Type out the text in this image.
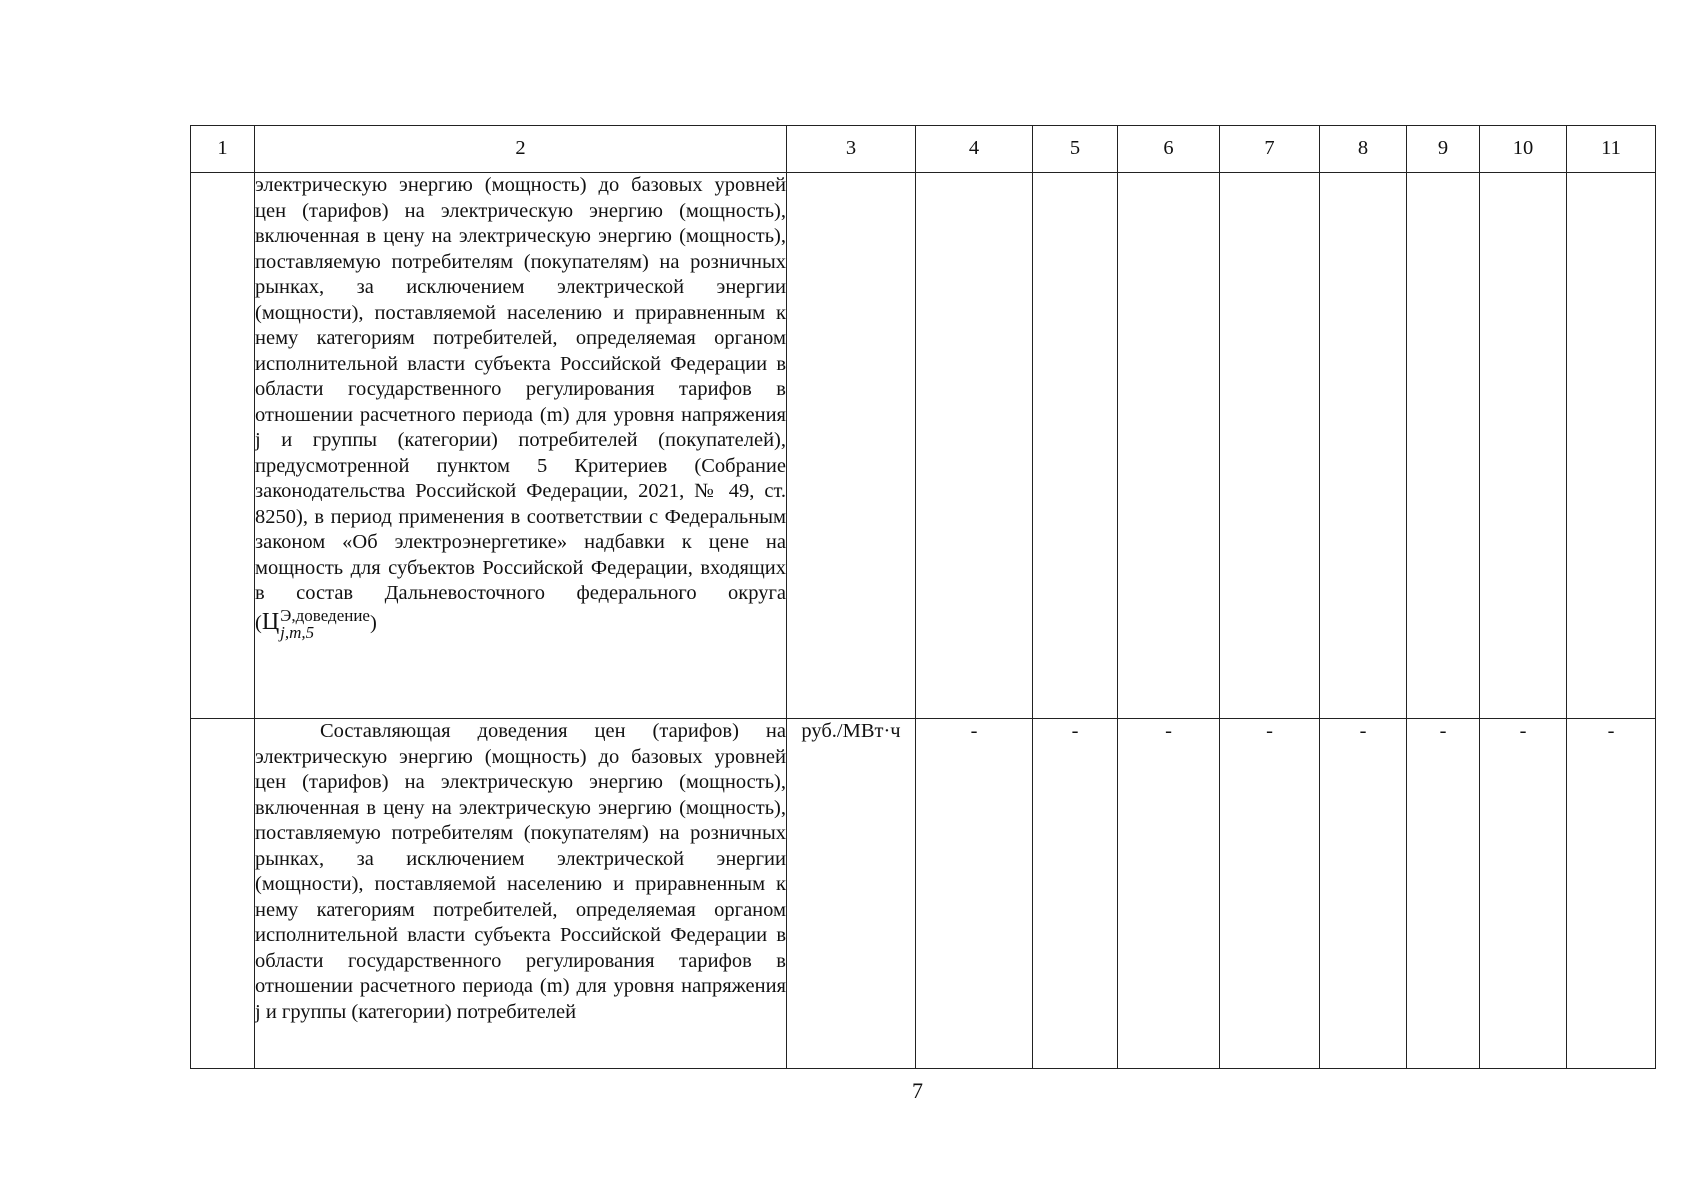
1	2	3	4	5	6	7	8	9	10	11

	электрическую энергию (мощность) до базовых уровней цен (тарифов) на электрическую энергию (мощность), включенная в цену на электрическую энергию (мощность), поставляемую потребителям (покупателям) на розничных рынках, за исключением электрической энергии (мощности), поставляемой населению и приравненным к нему категориям потребителей, определяемая органом исполнительной власти субъекта Российской Федерации в области государственного регулирования тарифов в отношении расчетного периода (m) для уровня напряжения j и группы (категории) потребителей (покупателей), предусмотренной пунктом 5 Критериев (Собрание законодательства Российской Федерации, 2021, № 49, ст. 8250), в период применения в соответствии с Федеральным законом «Об электроэнергетике» надбавки к цене на мощность для субъектов Российской Федерации, входящих в состав Дальневосточного федерального округа (Ц Э,доведение
j,m,5 )									

	Составляющая доведения цен (тарифов) на электрическую энергию (мощность) до базовых уровней цен (тарифов) на электрическую энергию (мощность), включенная в цену на электрическую энергию (мощность), поставляемую потребителям (покупателям) на розничных рынках, за исключением электрической энергии (мощности), поставляемой населению и приравненным к нему категориям потребителей, определяемая органом исполнительной власти субъекта Российской Федерации в области государственного регулирования тарифов в отношении расчетного периода (m) для уровня напряжения j и группы (категории) потребителей	руб./МВт·ч	-	-	-	-	-	-	-	-
7
